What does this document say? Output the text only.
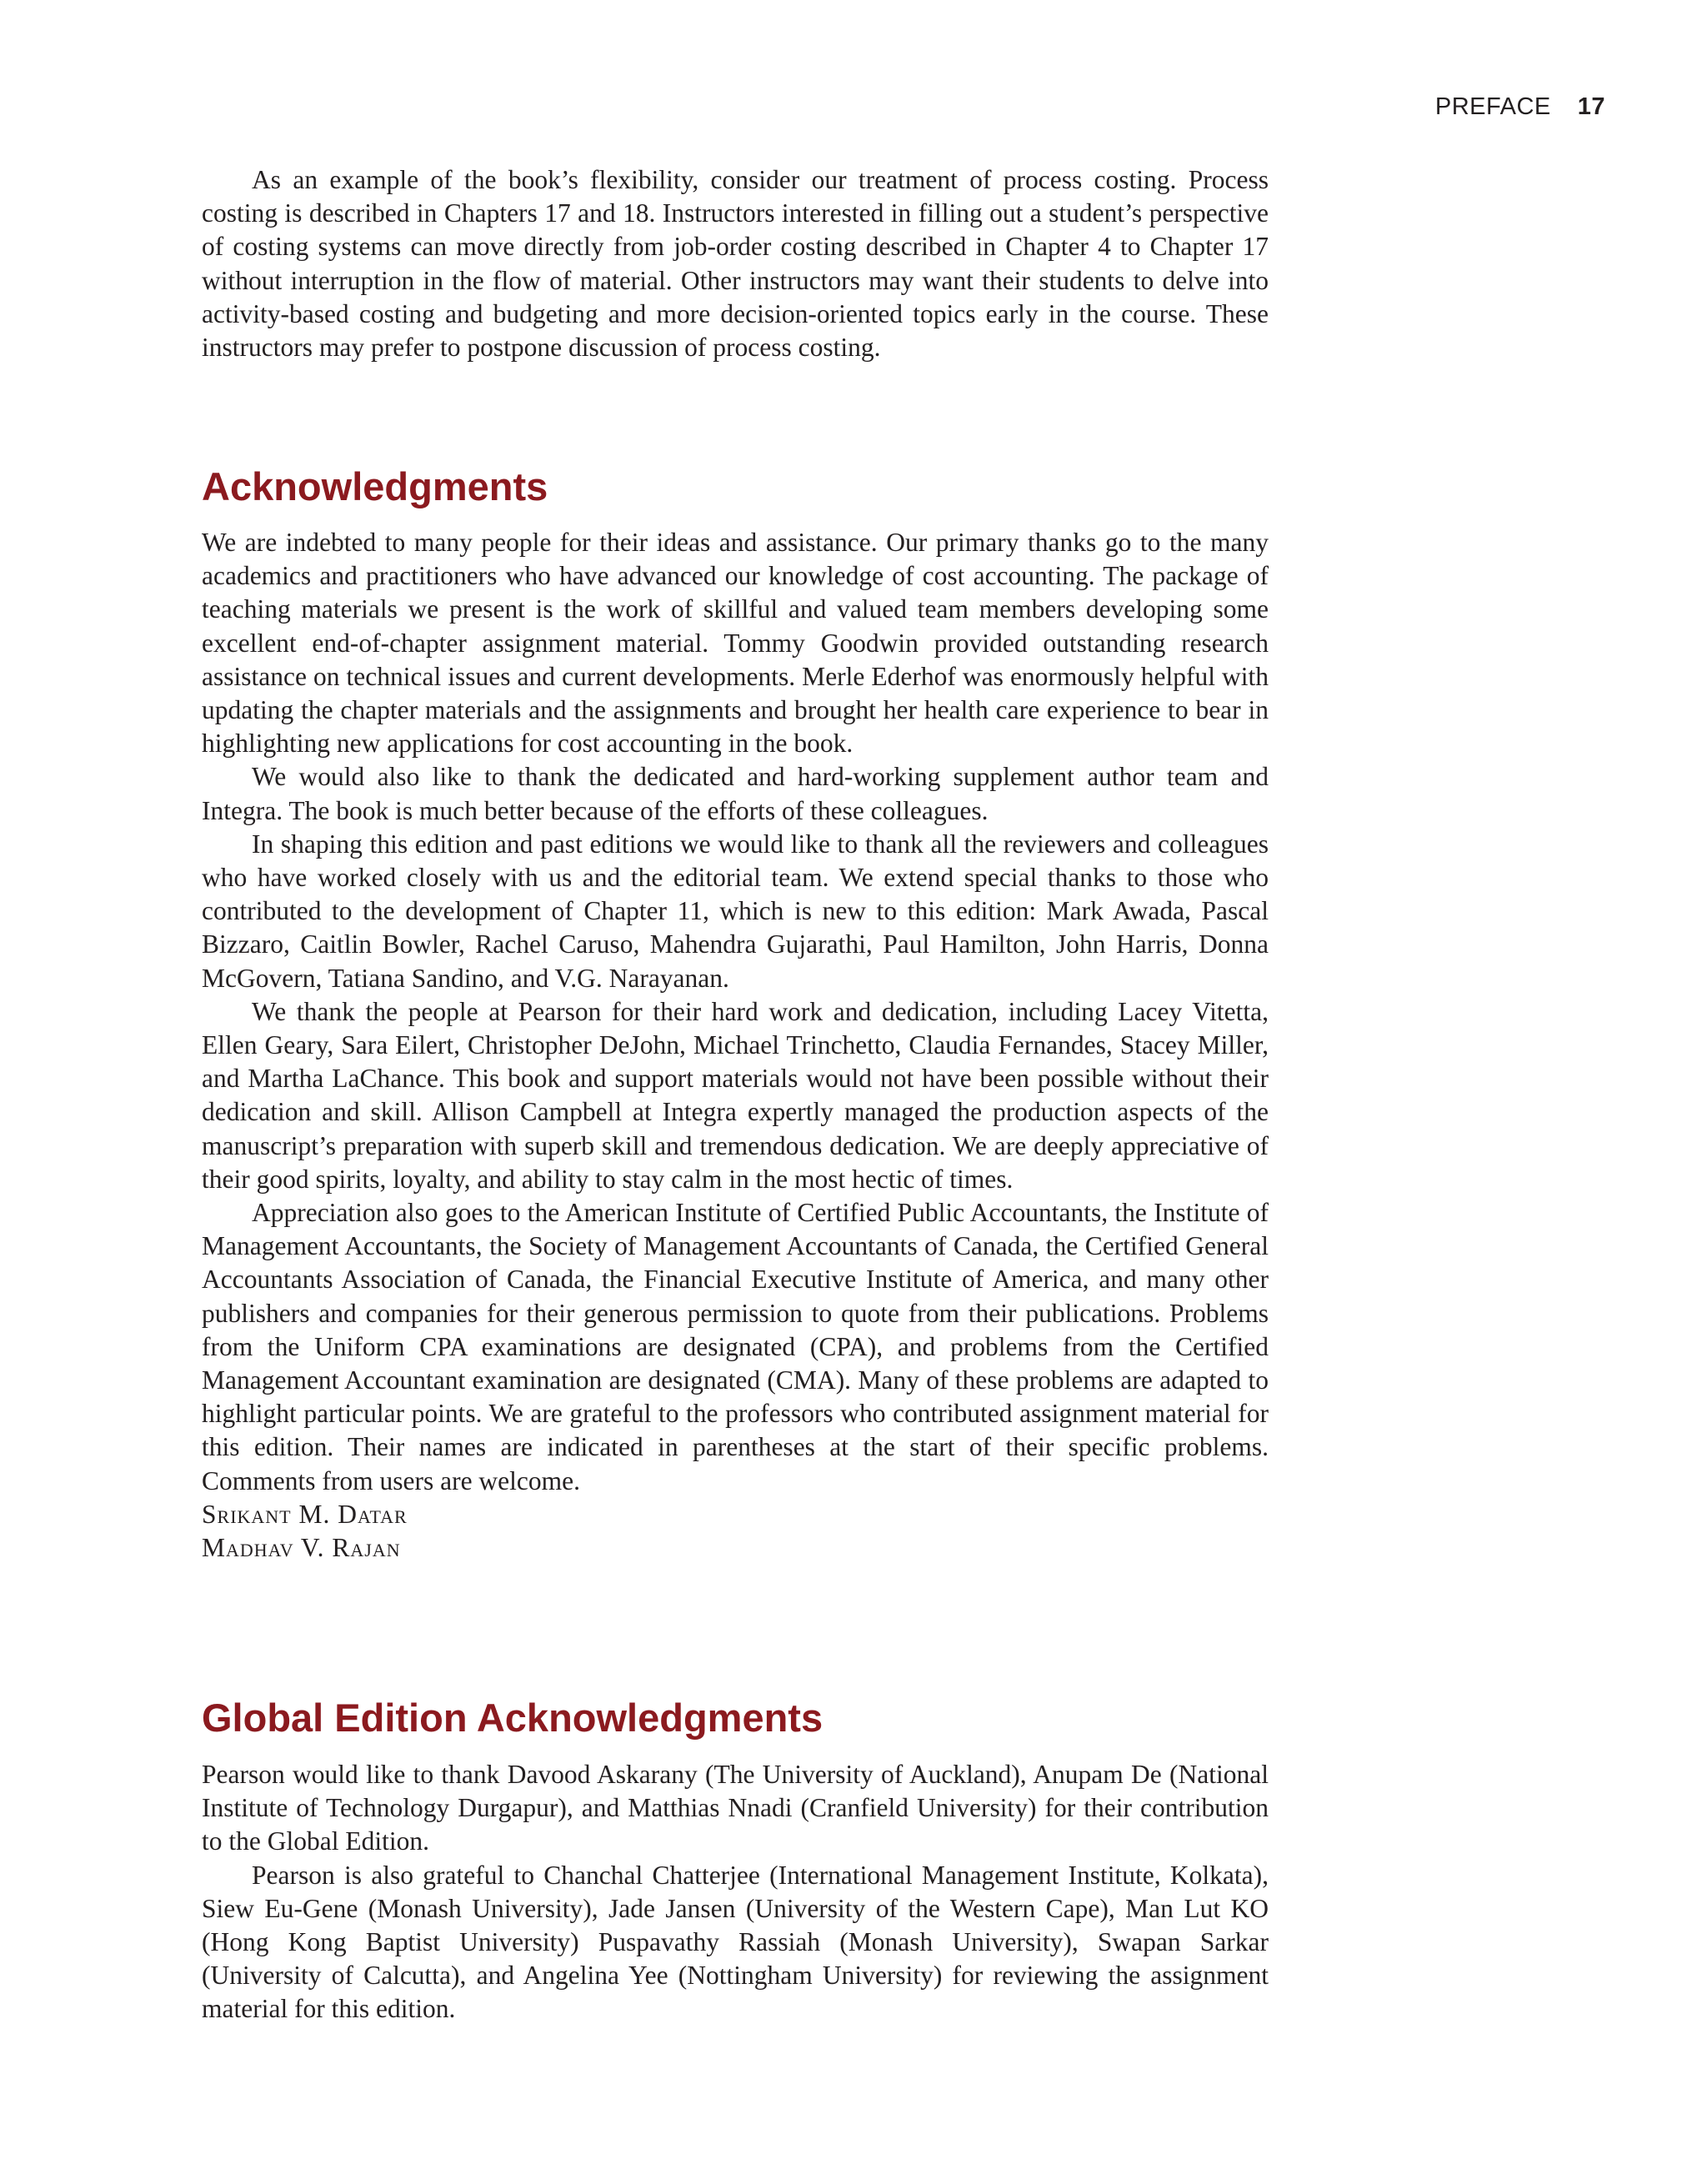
PREFACE 17

As an example of the book’s flexibility, consider our treatment of process costing. Process costing is described in Chapters 17 and 18. Instructors interested in filling out a student’s perspective of costing systems can move directly from job-order costing described in Chapter 4 to Chapter 17 without interruption in the flow of material. Other instructors may want their students to delve into activity-based costing and budgeting and more decision-oriented topics early in the course. These instructors may prefer to postpone discussion of process costing.

Acknowledgments

We are indebted to many people for their ideas and assistance. Our primary thanks go to the many academics and practitioners who have advanced our knowledge of cost accounting. The package of teaching materials we present is the work of skillful and valued team members developing some excellent end-of-chapter assignment material. Tommy Goodwin provided outstanding research assistance on technical issues and current developments. Merle Ederhof was enormously helpful with updating the chapter materials and the assignments and brought her health care experience to bear in highlighting new applications for cost accounting in the book.

We would also like to thank the dedicated and hard-working supplement author team and Integra. The book is much better because of the efforts of these colleagues.

In shaping this edition and past editions we would like to thank all the reviewers and colleagues who have worked closely with us and the editorial team. We extend special thanks to those who contributed to the development of Chapter 11, which is new to this edition: Mark Awada, Pascal Bizzaro, Caitlin Bowler, Rachel Caruso, Mahendra Gujarathi, Paul Hamilton, John Harris, Donna McGovern, Tatiana Sandino, and V.G. Narayanan.

We thank the people at Pearson for their hard work and dedication, including Lacey Vitetta, Ellen Geary, Sara Eilert, Christopher DeJohn, Michael Trinchetto, Claudia Fernandes, Stacey Miller, and Martha LaChance. This book and support materials would not have been possible without their dedication and skill. Allison Campbell at Integra expertly managed the production aspects of the manuscript’s preparation with superb skill and tremendous dedication. We are deeply appreciative of their good spirits, loyalty, and ability to stay calm in the most hectic of times.

Appreciation also goes to the American Institute of Certified Public Accountants, the Institute of Management Accountants, the Society of Management Accountants of Canada, the Certified General Accountants Association of Canada, the Financial Executive Institute of America, and many other publishers and companies for their generous permission to quote from their publications. Problems from the Uniform CPA examinations are designated (CPA), and problems from the Certified Management Accountant examination are designated (CMA). Many of these problems are adapted to highlight particular points. We are grateful to the professors who contributed assignment material for this edition. Their names are indicated in parentheses at the start of their specific problems. Comments from users are welcome.

Srikant M. Datar

Madhav V. Rajan

Global Edition Acknowledgments

Pearson would like to thank Davood Askarany (The University of Auckland), Anupam De (National Institute of Technology Durgapur), and Matthias Nnadi (Cranfield University) for their contribution to the Global Edition.

Pearson is also grateful to Chanchal Chatterjee (International Management Institute, Kolkata), Siew Eu-Gene (Monash University), Jade Jansen (University of the Western Cape), Man Lut KO (Hong Kong Baptist University) Puspavathy Rassiah (Monash University), Swapan Sarkar (University of Calcutta), and Angelina Yee (Nottingham University) for reviewing the assignment material for this edition.
